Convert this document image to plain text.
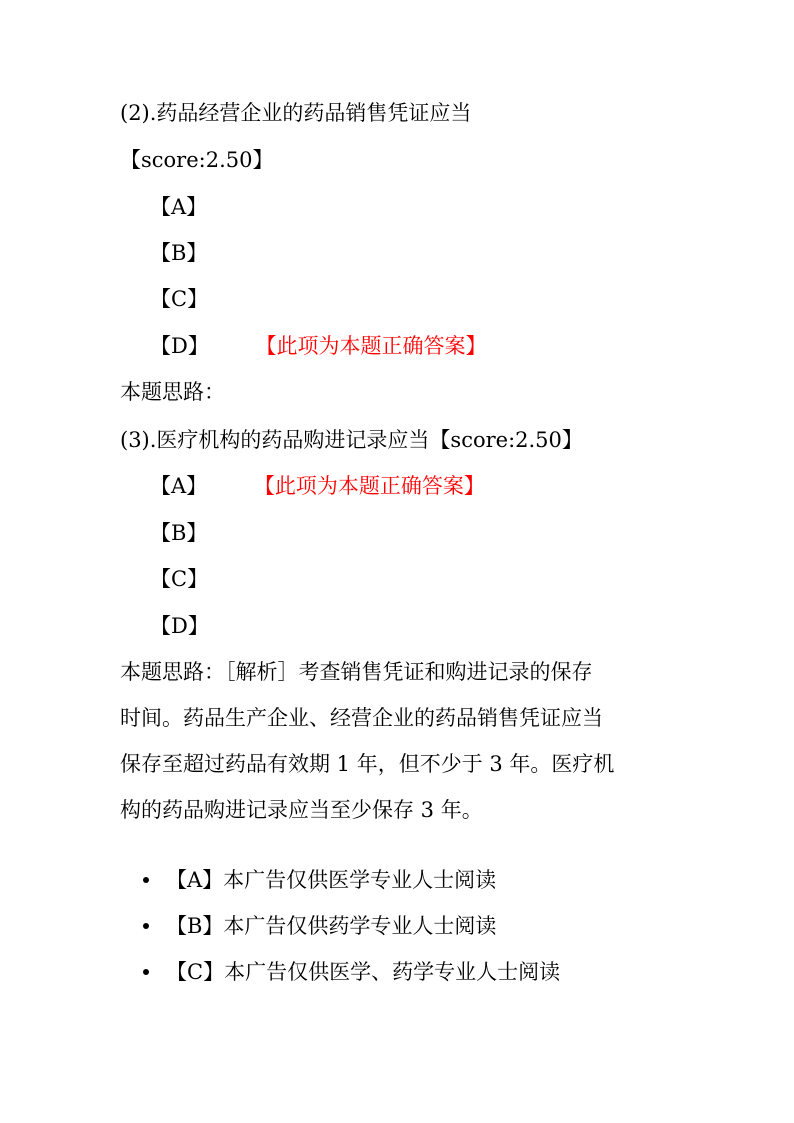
(2).药品经营企业的药品销售凭证应当
【score:2.50】
【A】
【B】
【C】
【D】 【此项为本题正确答案】
本题思路：
(3).医疗机构的药品购进记录应当【score:2.50】
【A】 【此项为本题正确答案】
【B】
【C】
【D】
本题思路：［解析］考查销售凭证和购进记录的保存
时间。药品生产企业、经营企业的药品销售凭证应当
保存至超过药品有效期 1 年，但不少于 3 年。医疗机
构的药品购进记录应当至少保存 3 年。
【A】本广告仅供医学专业人士阅读
【B】本广告仅供药学专业人士阅读
【C】本广告仅供医学、药学专业人士阅读
